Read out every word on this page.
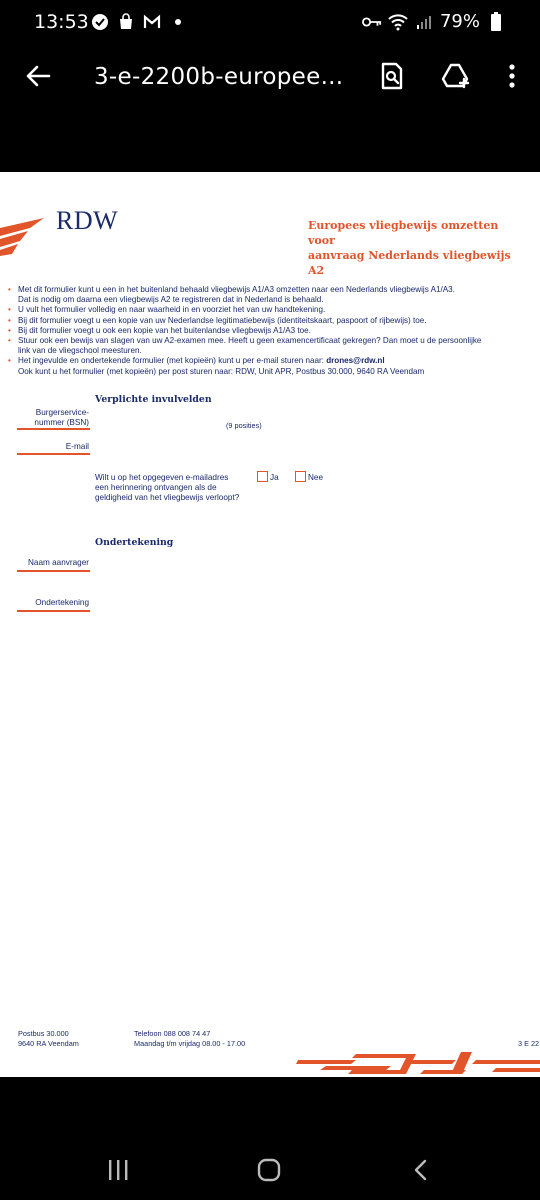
13:53	79%
3-e-2200b-europee...
RDW	Europees vliegbewijs omzetten voor
aanvraag Nederlands vliegbewijs A2
• Met dit formulier kunt u een in het buitenland behaald vliegbewijs A1/A3 omzetten naar een Nederlands vliegbewijs A1/A3.
Dat is nodig om daarna een vliegbewijs A2 te registreren dat in Nederland is behaald.
• U vult het formulier volledig en naar waarheid in en voorziet het van uw handtekening.
• Bij dit formulier voegt u een kopie van uw Nederlandse legitimatiebewijs (identiteitskaart, paspoort of rijbewijs) toe.
• Bij dit formulier voegt u ook een kopie van het buitenlandse vliegbewijs A1/A3 toe.
• Stuur ook een bewijs van slagen van uw A2-examen mee. Heeft u geen examencertificaat gekregen? Dan moet u de persoonlijke
link van de vliegschool meesturen.
• Het ingevulde en ondertekende formulier (met kopieën) kunt u per e-mail sturen naar: drones@rdw.nl
Ook kunt u het formulier (met kopieën) per post sturen naar: RDW, Unit APR, Postbus 30.000, 9640 RA Veendam
Verplichte invulvelden
Burgerservice-
nummer (BSN)	(9 posities)
E-mail
Wilt u op het opgegeven e-mailadres
een herinnering ontvangen als de
geldigheid van het vliegbewijs verloopt?
Ja	Nee
Ondertekening
Naam aanvrager
Ondertekening
Postbus 30.000
9640 RA Veendam
Telefoon 088 008 74 47
Maandag t/m vrijdag 08.00 - 17.00	3 E 22
